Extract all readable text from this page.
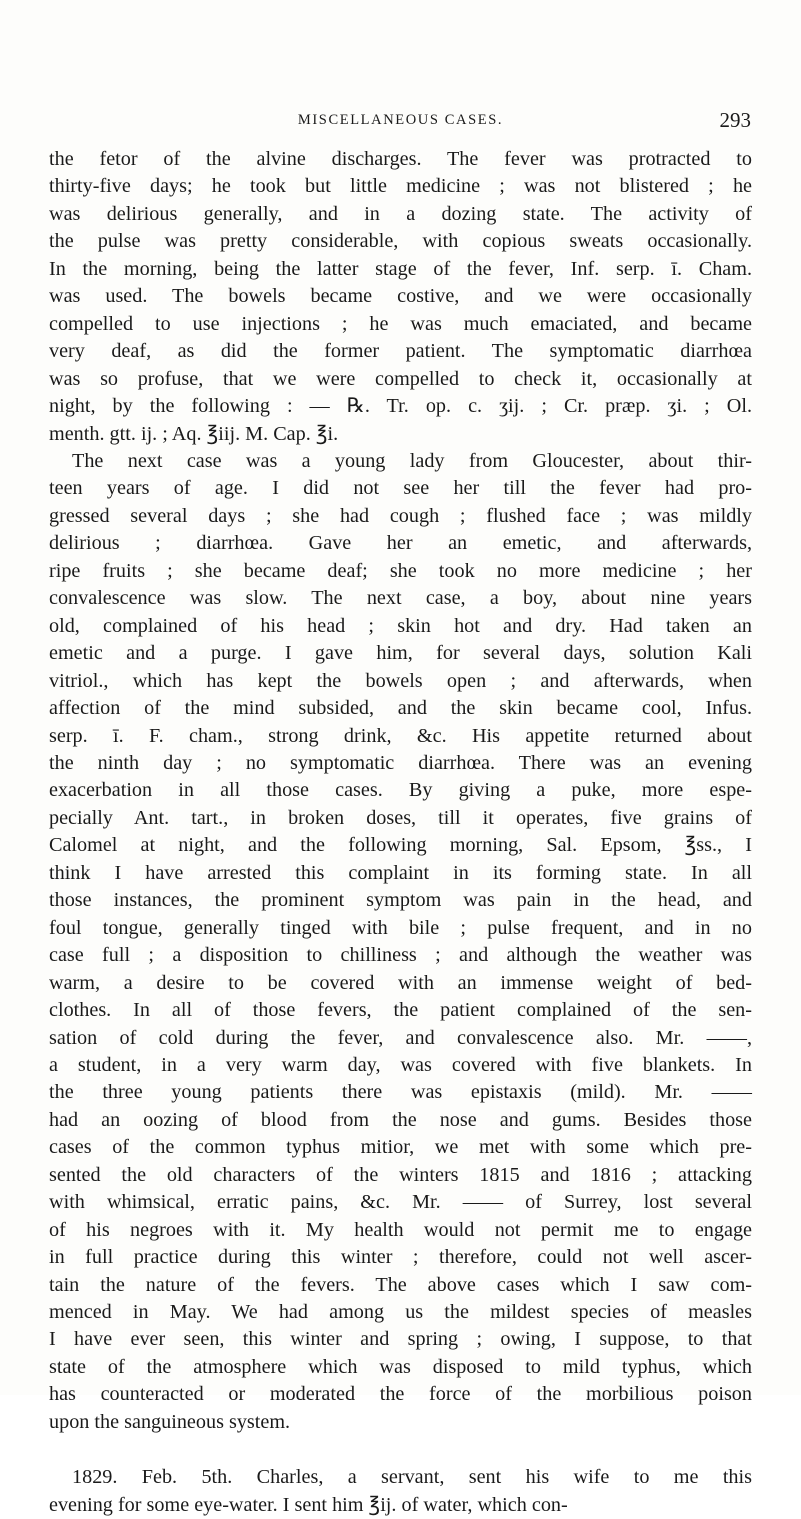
MISCELLANEOUS CASES.	293

the fetor of the alvine discharges. The fever was protracted to
thirty-five days; he took but little medicine ; was not blistered ; he
was delirious generally, and in a dozing state. The activity of
the pulse was pretty considerable, with copious sweats occasionally.
In the morning, being the latter stage of the fever, Inf. serp. ī. Cham.
was used. The bowels became costive, and we were occasionally
compelled to use injections ; he was much emaciated, and became
very deaf, as did the former patient. The symptomatic diarrhœa
was so profuse, that we were compelled to check it, occasionally at
night, by the following : — ℞. Tr. op. c. ʒij. ; Cr. præp. ʒi. ; Ol.
menth. gtt. ij. ; Aq. ℥iij. M. Cap. ℥i.

The next case was a young lady from Gloucester, about thir-
teen years of age. I did not see her till the fever had pro-
gressed several days ; she had cough ; flushed face ; was mildly
delirious ; diarrhœa. Gave her an emetic, and afterwards,
ripe fruits ; she became deaf; she took no more medicine ; her
convalescence was slow. The next case, a boy, about nine years
old, complained of his head ; skin hot and dry. Had taken an
emetic and a purge. I gave him, for several days, solution Kali
vitriol., which has kept the bowels open ; and afterwards, when
affection of the mind subsided, and the skin became cool, Infus.
serp. ī. F. cham., strong drink, &c. His appetite returned about
the ninth day ; no symptomatic diarrhœa. There was an evening
exacerbation in all those cases. By giving a puke, more espe-
pecially Ant. tart., in broken doses, till it operates, five grains of
Calomel at night, and the following morning, Sal. Epsom, ℥ss., I
think I have arrested this complaint in its forming state. In all
those instances, the prominent symptom was pain in the head, and
foul tongue, generally tinged with bile ; pulse frequent, and in no
case full ; a disposition to chilliness ; and although the weather was
warm, a desire to be covered with an immense weight of bed-
clothes. In all of those fevers, the patient complained of the sen-
sation of cold during the fever, and convalescence also. Mr. ——,
a student, in a very warm day, was covered with five blankets. In
the three young patients there was epistaxis (mild). Mr. ——
had an oozing of blood from the nose and gums. Besides those
cases of the common typhus mitior, we met with some which pre-
sented the old characters of the winters 1815 and 1816 ; attacking
with whimsical, erratic pains, &c. Mr. —— of Surrey, lost several
of his negroes with it. My health would not permit me to engage
in full practice during this winter ; therefore, could not well ascer-
tain the nature of the fevers. The above cases which I saw com-
menced in May. We had among us the mildest species of measles
I have ever seen, this winter and spring ; owing, I suppose, to that
state of the atmosphere which was disposed to mild typhus, which
has counteracted or moderated the force of the morbilious poison
upon the sanguineous system.

1829. Feb. 5th. Charles, a servant, sent his wife to me this
evening for some eye-water. I sent him ℥ij. of water, which con-
